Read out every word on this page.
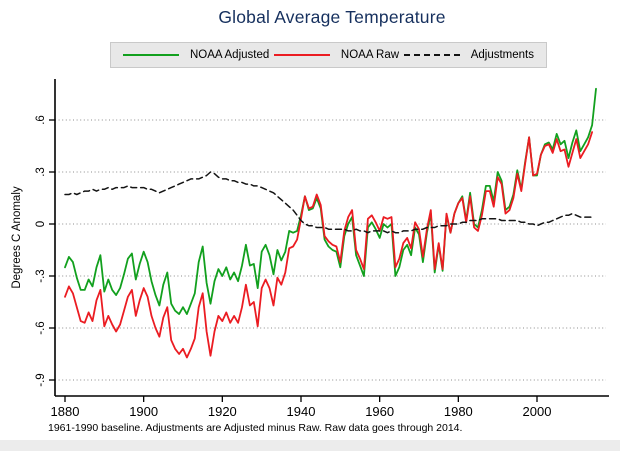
Global Average Temperature
NOAA Adjusted	NOAA Raw	Adjustments
Degrees C Anomaly
.6
.3
0
-.3
-.6
-.9
1880	1900	1920	1940	1960	1980	2000
1961-1990 baseline. Adjustments are Adjusted minus Raw. Raw data goes through 2014.
